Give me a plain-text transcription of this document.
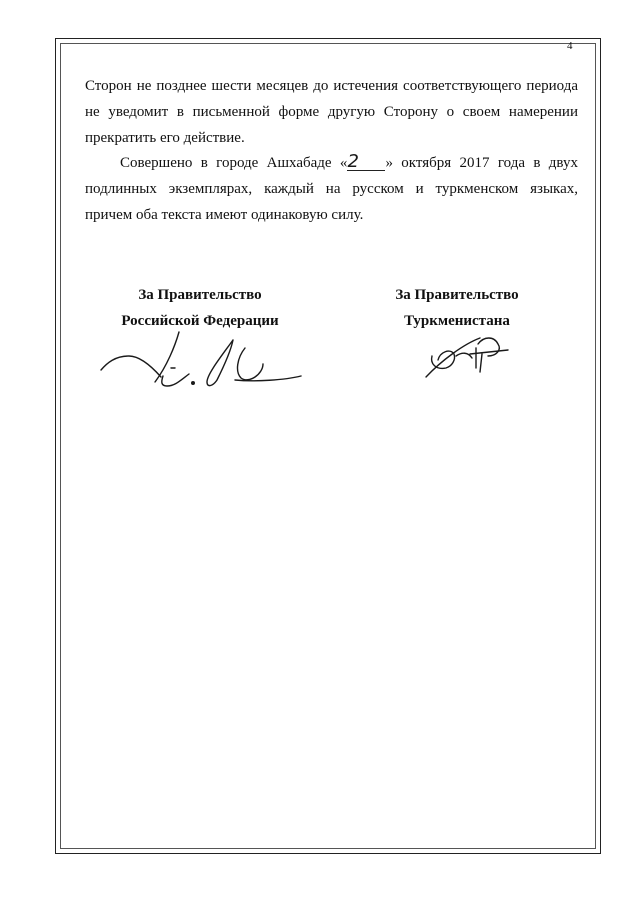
4

Сторон не позднее шести месяцев до истечения соответствующего периода
не уведомит в письменной форме другую Сторону о своем намерении
прекратить его действие.

Совершено в городе Ашхабаде «2 » октября 2017 года в двух
подлинных экземплярах, каждый на русском и туркменском языках,
причем оба текста имеют одинаковую силу.

За Правительство
Российской Федерации

За Правительство
Туркменистана
